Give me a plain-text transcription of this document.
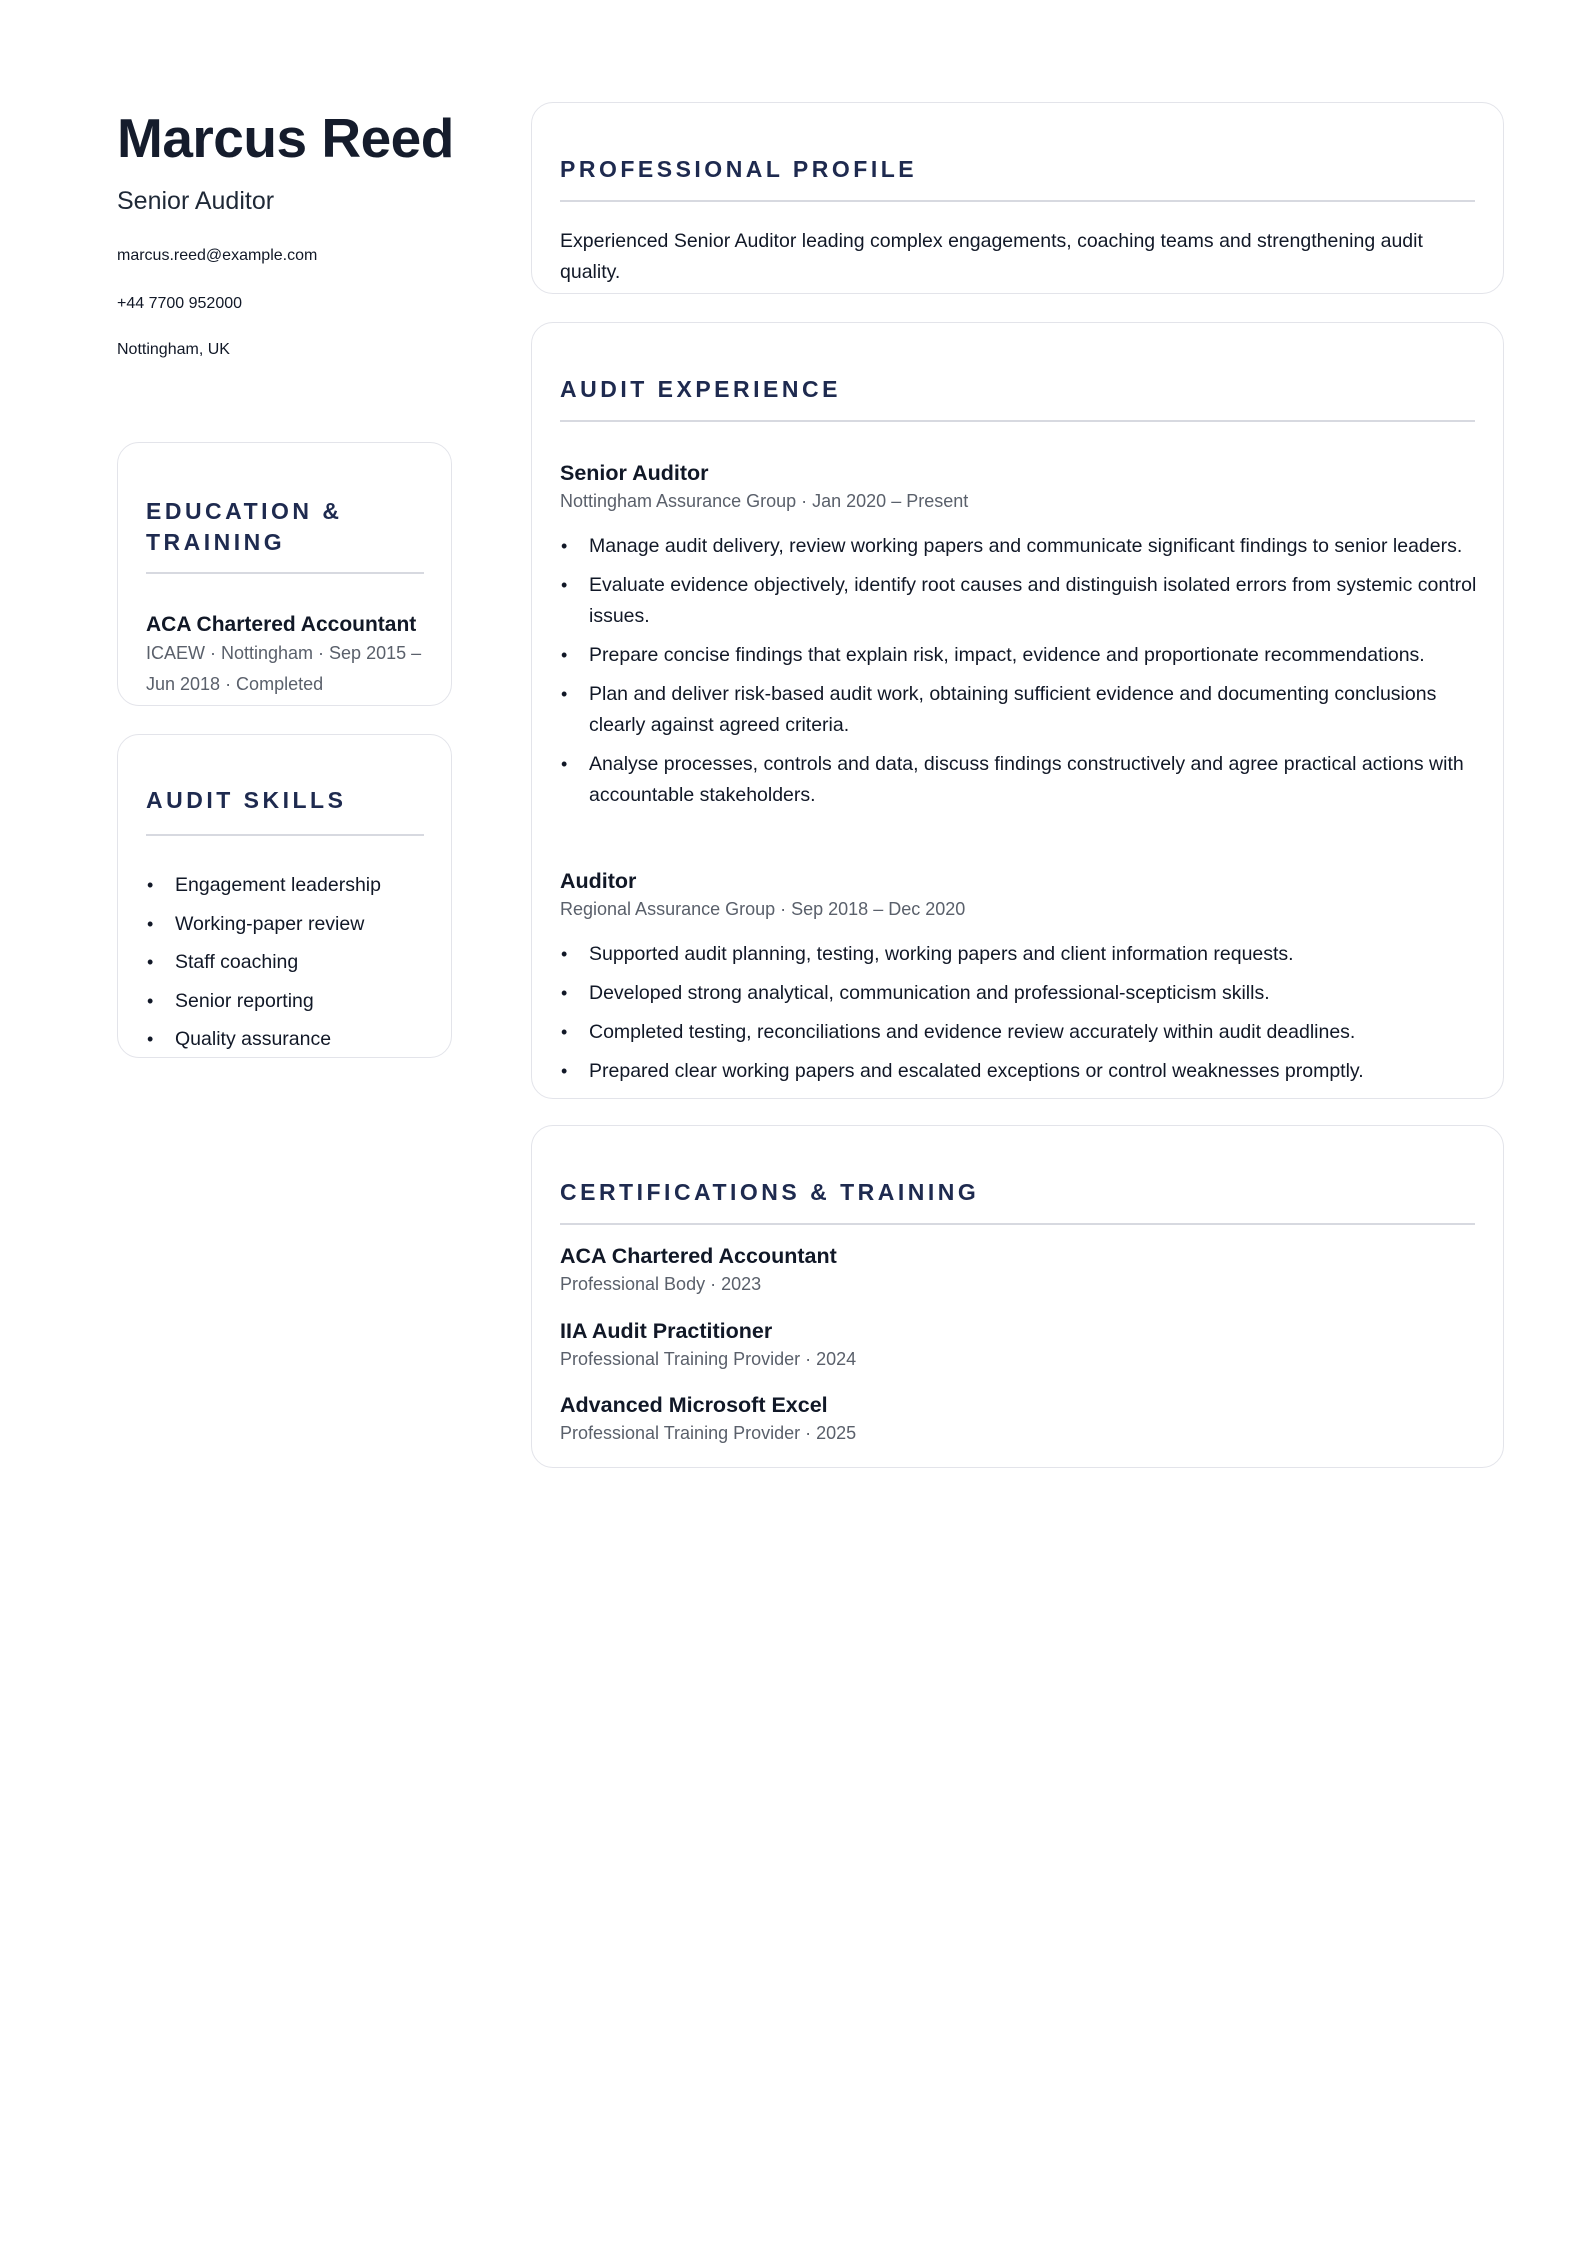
Marcus Reed
Senior Auditor
marcus.reed@example.com
+44 7700 952000
Nottingham, UK
EDUCATION & TRAINING
ACA Chartered Accountant
ICAEW · Nottingham · Sep 2015 – Jun 2018 · Completed
AUDIT SKILLS
• Engagement leadership
• Working-paper review
• Staff coaching
• Senior reporting
• Quality assurance
PROFESSIONAL PROFILE
Experienced Senior Auditor leading complex engagements, coaching teams and strengthening audit quality.
AUDIT EXPERIENCE
Senior Auditor
Nottingham Assurance Group · Jan 2020 – Present
• Manage audit delivery, review working papers and communicate significant findings to senior leaders.
• Evaluate evidence objectively, identify root causes and distinguish isolated errors from systemic control issues.
• Prepare concise findings that explain risk, impact, evidence and proportionate recommendations.
• Plan and deliver risk-based audit work, obtaining sufficient evidence and documenting conclusions clearly against agreed criteria.
• Analyse processes, controls and data, discuss findings constructively and agree practical actions with accountable stakeholders.
Auditor
Regional Assurance Group · Sep 2018 – Dec 2020
• Supported audit planning, testing, working papers and client information requests.
• Developed strong analytical, communication and professional-scepticism skills.
• Completed testing, reconciliations and evidence review accurately within audit deadlines.
• Prepared clear working papers and escalated exceptions or control weaknesses promptly.
CERTIFICATIONS & TRAINING
ACA Chartered Accountant
Professional Body · 2023
IIA Audit Practitioner
Professional Training Provider · 2024
Advanced Microsoft Excel
Professional Training Provider · 2025
